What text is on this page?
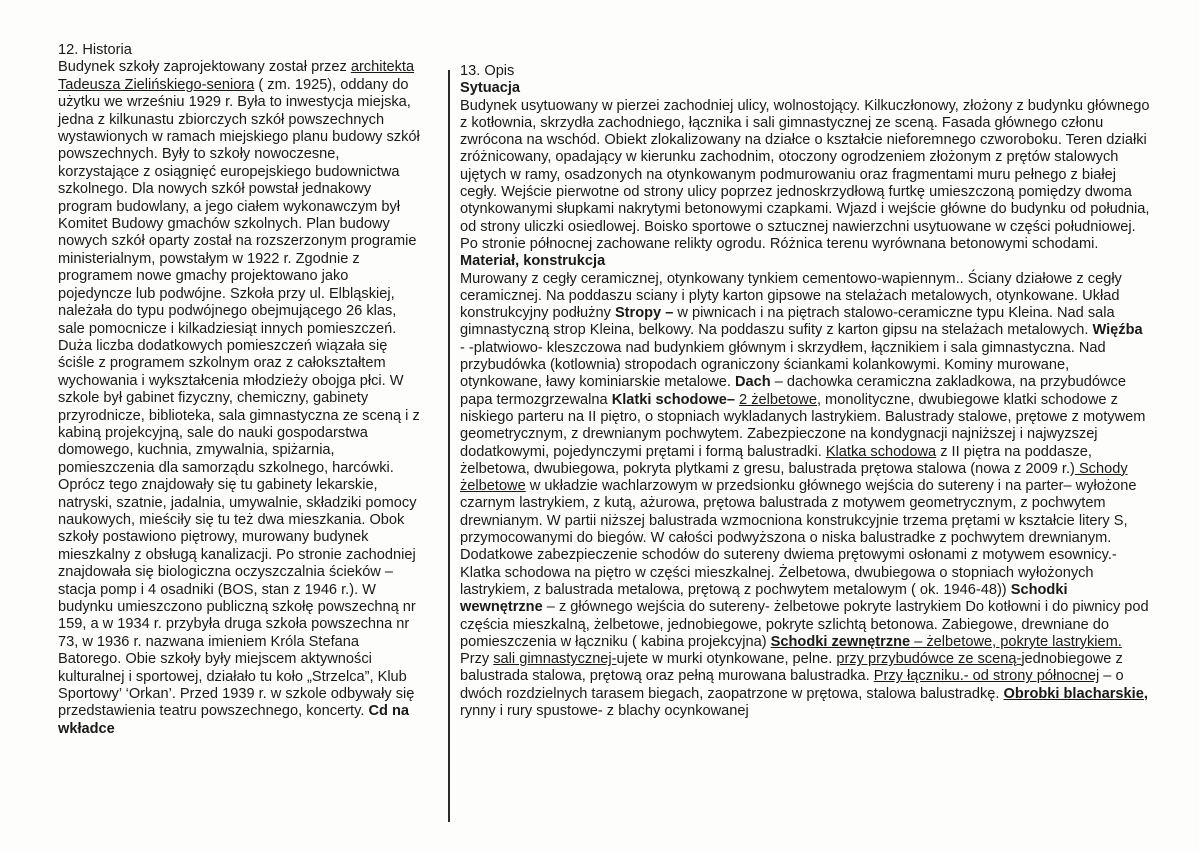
12. Historia

Budynek szkoły zaprojektowany został przez architekta Tadeusza Zielińskiego-seniora ( zm. 1925), oddany do użytku we wrześniu 1929 r. Była to inwestycja miejska, jedna z kilkunastu zbiorczych szkół powszechnych wystawionych w ramach miejskiego planu budowy szkół powszechnych. Były to szkoły nowoczesne, korzystające z osiągnięć europejskiego budownictwa szkolnego. Dla nowych szkół powstał jednakowy program budowlany, a jego ciałem wykonawczym był Komitet Budowy gmachów szkolnych. Plan budowy nowych szkół oparty został na rozszerzonym programie ministerialnym, powstałym w 1922 r. Zgodnie z programem nowe gmachy projektowano jako pojedyncze lub podwójne. Szkoła przy ul. Elbląskiej, należała do typu podwójnego obejmującego 26 klas, sale pomocnicze i kilkadziesiąt innych pomieszczeń. Duża liczba dodatkowych pomieszczeń wiązała się ściśle z programem szkolnym oraz z całokształtem wychowania i wykształcenia młodzieży obojga płci. W szkole był gabinet fizyczny, chemiczny, gabinety przyrodnicze, biblioteka, sala gimnastyczna ze sceną i z kabiną projekcyjną, sale do nauki gospodarstwa domowego, kuchnia, zmywalnia, spiżarnia, pomieszczenia dla samorządu szkolnego, harcówki. Oprócz tego znajdowały się tu gabinety lekarskie, natryski, szatnie, jadalnia, umywalnie, składziki pomocy naukowych, mieściły się tu też dwa mieszkania. Obok szkoły postawiono piętrowy, murowany budynek mieszkalny z obsługą kanalizacji. Po stronie zachodniej znajdowała się biologiczna oczyszczalnia ścieków – stacja pomp i 4 osadniki (BOS, stan z 1946 r.). W budynku umieszczono publiczną szkołę powszechną nr 159, a w 1934 r. przybyła druga szkoła powszechna nr 73, w 1936 r. nazwana imieniem Króla Stefana Batorego. Obie szkoły były miejscem aktywności kulturalnej i sportowej, działało tu koło „Strzelca”, Klub Sportowy’ ‘Orkan’. Przed 1939 r. w szkole odbywały się przedstawienia teatru powszechnego, koncerty. Cd na wkładce

13. Opis

Sytuacja

Budynek usytuowany w pierzei zachodniej ulicy, wolnostojący. Kilkuczłonowy, złożony z budynku głównego z kotłownia, skrzydła zachodniego, łącznika i sali gimnastycznej ze sceną. Fasada głównego członu zwrócona na wschód. Obiekt zlokalizowany na działce o kształcie nieforemnego czworoboku. Teren działki zróżnicowany, opadający w kierunku zachodnim, otoczony ogrodzeniem złożonym z prętów stalowych ujętych w ramy, osadzonych na otynkowanym podmurowaniu oraz fragmentami muru pełnego z białej cegły. Wejście pierwotne od strony ulicy poprzez jednoskrzydłową furtkę umieszczoną pomiędzy dwoma otynkowanymi słupkami nakrytymi betonowymi czapkami. Wjazd i wejście główne do budynku od południa, od strony uliczki osiedlowej. Boisko sportowe o sztucznej nawierzchni usytuowane w części południowej. Po stronie północnej zachowane relikty ogrodu. Różnica terenu wyrównana betonowymi schodami.

Materiał, konstrukcja

Murowany z cegły ceramicznej, otynkowany tynkiem cementowo-wapiennym.. Ściany działowe z cegły ceramicznej. Na poddaszu sciany i plyty karton gipsowe na stelażach metalowych, otynkowane. Układ konstrukcyjny podłużny Stropy – w piwnicach i na piętrach stalowo-ceramiczne typu Kleina. Nad sala gimnastyczną strop Kleina, belkowy. Na poddaszu sufity z karton gipsu na stelażach metalowych. Więźba - -platwiowo- kleszczowa nad budynkiem głównym i skrzydłem, łącznikiem i sala gimnastyczna. Nad przybudówka (kotlownia) stropodach ograniczony ściankami kolankowymi. Kominy murowane, otynkowane, ławy kominiarskie metalowe. Dach – dachowka ceramiczna zakladkowa, na przybudówce papa termozgrzewalna Klatki schodowe– 2 żelbetowe, monolityczne, dwubiegowe klatki schodowe z niskiego parteru na II piętro, o stopniach wykladanych lastrykiem. Balustrady stalowe, prętowe z motywem geometrycznym, z drewnianym pochwytem. Zabezpieczone na kondygnacji najniższej i najwyzszej dodatkowymi, pojedynczymi prętami i formą balustradki. Klatka schodowa z II piętra na poddasze, żelbetowa, dwubiegowa, pokryta plytkami z gresu, balustrada prętowa stalowa (nowa z 2009 r.) Schody żelbetowe w układzie wachlarzowym w przedsionku głównego wejścia do sutereny i na parter– wyłożone czarnym lastrykiem, z kutą, ażurowa, prętowa balustrada z motywem geometrycznym, z pochwytem drewnianym. W partii niższej balustrada wzmocniona konstrukcyjnie trzema prętami w kształcie litery S, przymocowanymi do biegów. W całości podwyższona o niska balustradke z pochwytem drewnianym. Dodatkowe zabezpieczenie schodów do sutereny dwiema prętowymi osłonami z motywem esownicy.- Klatka schodowa na piętro w części mieszkalnej. Żelbetowa, dwubiegowa o stopniach wyłożonych lastrykiem, z balustrada metalowa, prętową z pochwytem metalowym ( ok. 1946-48)) Schodki wewnętrzne – z głównego wejścia do sutereny- żelbetowe pokryte lastrykiem Do kotłowni i do piwnicy pod częścia mieszkalną, żelbetowe, jednobiegowe, pokryte szlichtą betonowa. Zabiegowe, drewniane do pomieszczenia w łączniku ( kabina projekcyjna) Schodki zewnętrzne – żelbetowe, pokryte lastrykiem. Przy sali gimnastycznej-ujete w murki otynkowane, pelne. przy przybudówce ze sceną-jednobiegowe z balustrada stalowa, prętową oraz pełną murowana balustradka. Przy łączniku.- od strony północnej – o dwóch rozdzielnych tarasem biegach, zaopatrzone w prętowa, stalowa balustradkę. Obrobki blacharskie, rynny i rury spustowe- z blachy ocynkowanej
